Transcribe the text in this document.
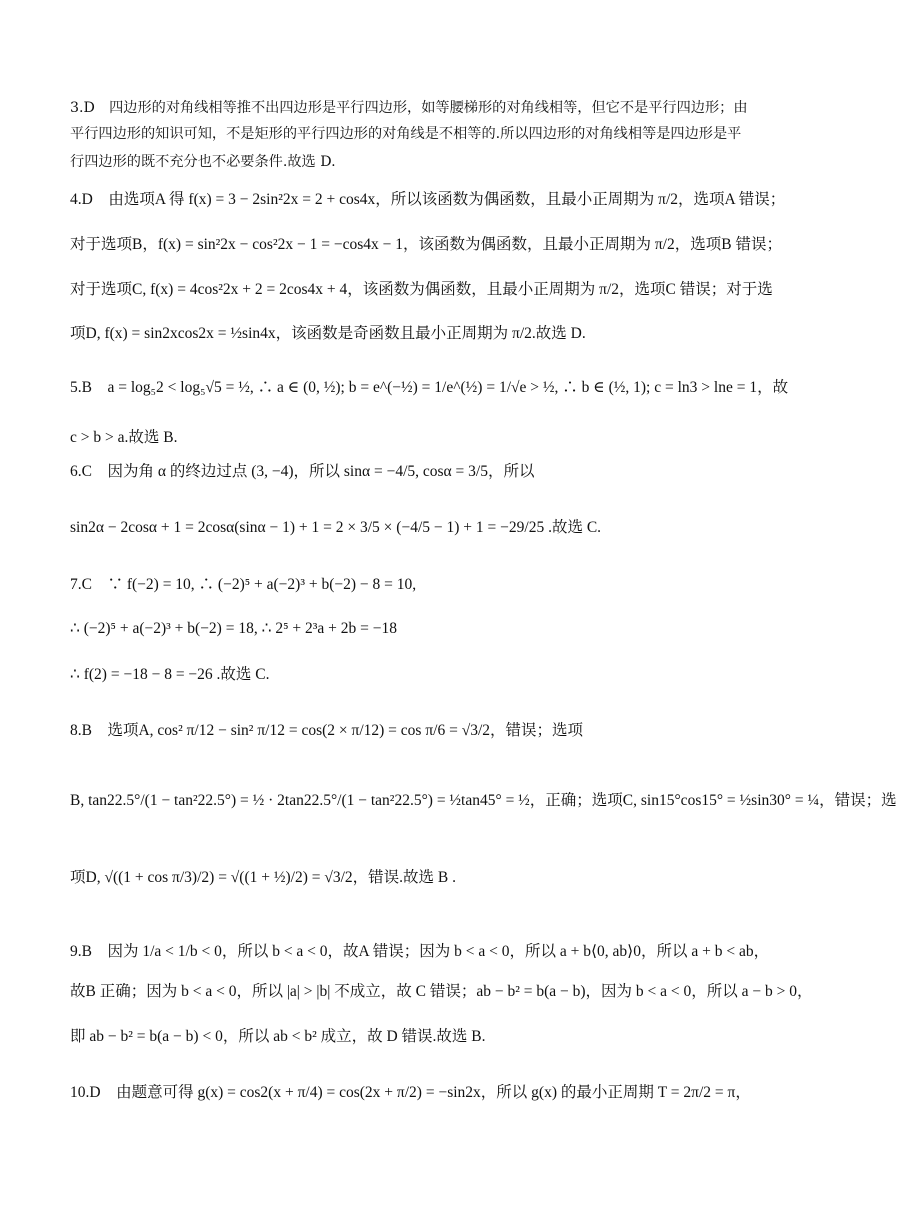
3.D　四边形的对角线相等推不出四边形是平行四边形，如等腰梯形的对角线相等，但它不是平行四边形；由
平行四边形的知识可知，不是矩形的平行四边形的对角线是不相等的.所以四边形的对角线相等是四边形是平
行四边形的既不充分也不必要条件.故选 D.
4.D　由选项A 得 f(x) = 3 − 2sin²2x = 2 + cos4x，所以该函数为偶函数，且最小正周期为 π/2，选项A 错误；
对于选项B，f(x) = sin²2x − cos²2x − 1 = −cos4x − 1，该函数为偶函数，且最小正周期为 π/2，选项B 错误；
对于选项C, f(x) = 4cos²2x + 2 = 2cos4x + 4，该函数为偶函数，且最小正周期为 π/2，选项C 错误；对于选
项D, f(x) = sin2xcos2x = ½sin4x，该函数是奇函数且最小正周期为 π/2.故选 D.
5.B　a = log₅2 < log₅√5 = ½, ∴ a ∈ (0, ½); b = e^(−½) = 1/e^(½) = 1/√e > ½, ∴ b ∈ (½, 1); c = ln3 > lne = 1，故
c > b > a.故选 B.
6.C　因为角 α 的终边过点 (3, −4)，所以 sinα = −4/5, cosα = 3/5，所以
sin2α − 2cosα + 1 = 2cosα(sinα − 1) + 1 = 2 × 3/5 × (−4/5 − 1) + 1 = −29/25 .故选 C.
7.C　∵ f(−2) = 10, ∴ (−2)⁵ + a(−2)³ + b(−2) − 8 = 10,
∴ (−2)⁵ + a(−2)³ + b(−2) = 18, ∴ 2⁵ + 2³a + 2b = −18
∴ f(2) = −18 − 8 = −26 .故选 C.
8.B　选项A, cos² π/12 − sin² π/12 = cos(2 × π/12) = cos π/6 = √3/2，错误；选项
B, tan22.5°/(1 − tan²22.5°) = ½ · 2tan22.5°/(1 − tan²22.5°) = ½tan45° = ½，正确；选项C, sin15°cos15° = ½sin30° = ¼，错误；选
项D, √((1 + cos π/3)/2) = √((1 + ½)/2) = √3/2，错误.故选 B .
9.B　因为 1/a < 1/b < 0，所以 b < a < 0，故A 错误；因为 b < a < 0，所以 a + b⟨0, ab⟩0，所以 a + b < ab，
故B 正确；因为 b < a < 0，所以 |a| > |b| 不成立，故 C 错误；ab − b² = b(a − b)，因为 b < a < 0，所以 a − b > 0，
即 ab − b² = b(a − b) < 0，所以 ab < b² 成立，故 D 错误.故选 B.
10.D　由题意可得 g(x) = cos2(x + π/4) = cos(2x + π/2) = −sin2x，所以 g(x) 的最小正周期 T = 2π/2 = π，
